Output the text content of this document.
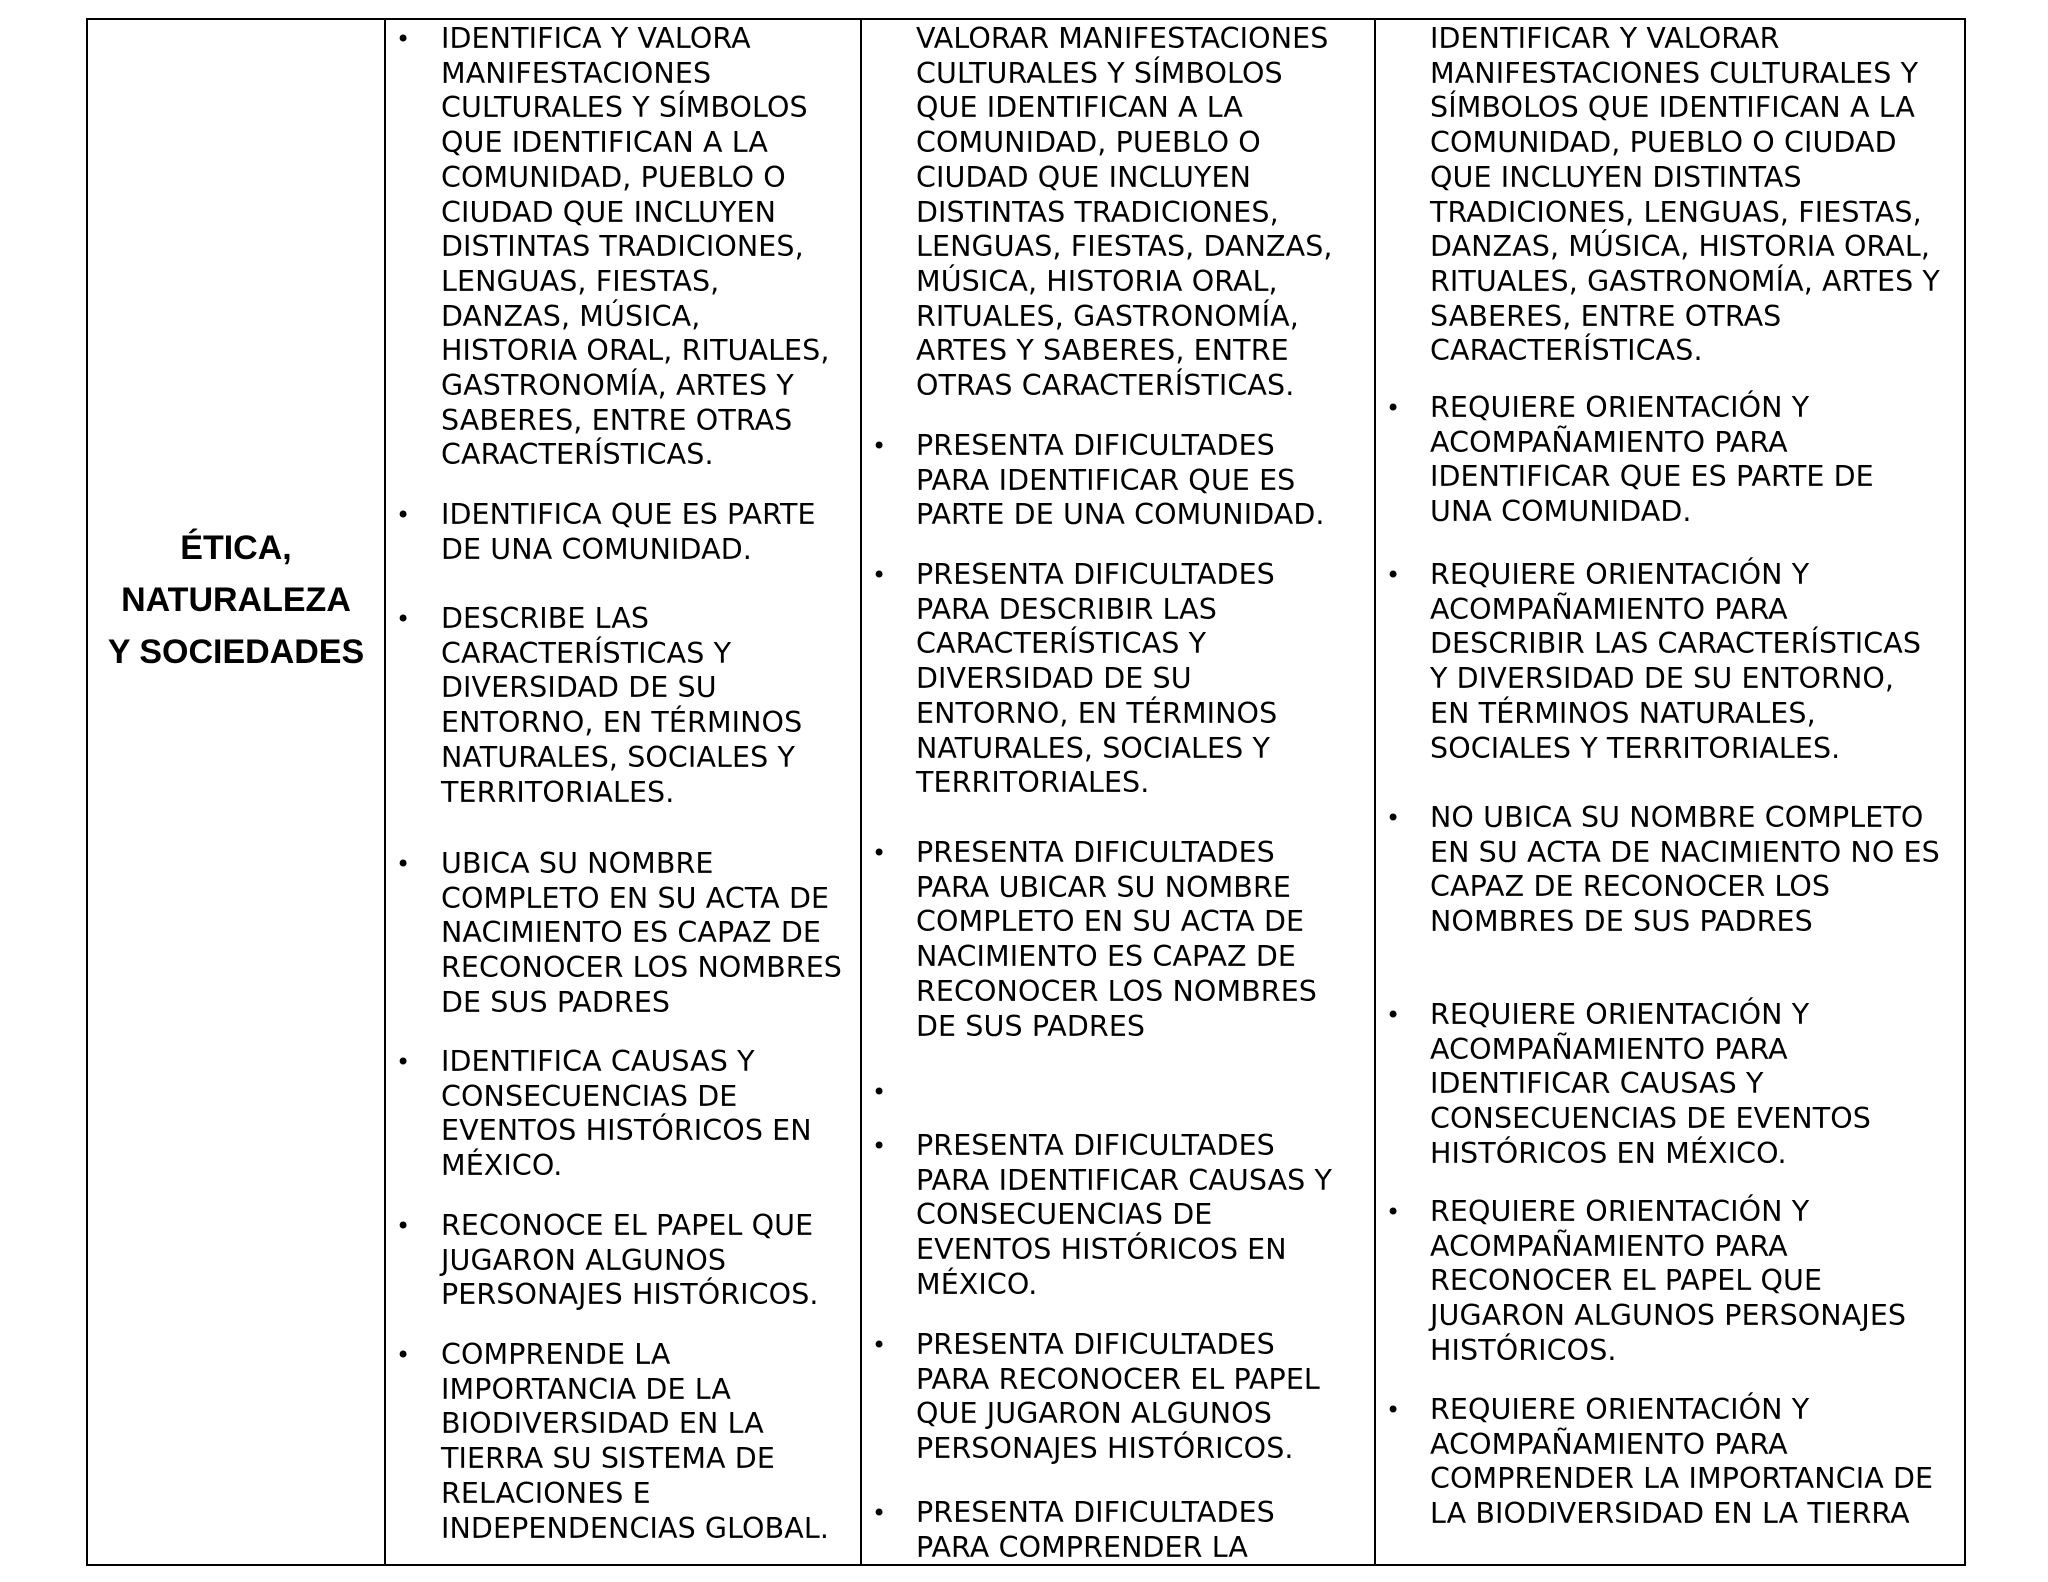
ÉTICA,
NATURALEZA
Y SOCIEDADES
• IDENTIFICA Y VALORA
MANIFESTACIONES
CULTURALES Y SÍMBOLOS
QUE IDENTIFICAN A LA
COMUNIDAD, PUEBLO O
CIUDAD QUE INCLUYEN
DISTINTAS TRADICIONES,
LENGUAS, FIESTAS,
DANZAS, MÚSICA,
HISTORIA ORAL, RITUALES,
GASTRONOMÍA, ARTES Y
SABERES, ENTRE OTRAS
CARACTERÍSTICAS.
• IDENTIFICA QUE ES PARTE
DE UNA COMUNIDAD.
• DESCRIBE LAS
CARACTERÍSTICAS Y
DIVERSIDAD DE SU
ENTORNO, EN TÉRMINOS
NATURALES, SOCIALES Y
TERRITORIALES.
• UBICA SU NOMBRE
COMPLETO EN SU ACTA DE
NACIMIENTO ES CAPAZ DE
RECONOCER LOS NOMBRES
DE SUS PADRES
• IDENTIFICA CAUSAS Y
CONSECUENCIAS DE
EVENTOS HISTÓRICOS EN
MÉXICO.
• RECONOCE EL PAPEL QUE
JUGARON ALGUNOS
PERSONAJES HISTÓRICOS.
• COMPRENDE LA
IMPORTANCIA DE LA
BIODIVERSIDAD EN LA
TIERRA SU SISTEMA DE
RELACIONES E
INDEPENDENCIAS GLOBAL.
VALORAR MANIFESTACIONES
CULTURALES Y SÍMBOLOS
QUE IDENTIFICAN A LA
COMUNIDAD, PUEBLO O
CIUDAD QUE INCLUYEN
DISTINTAS TRADICIONES,
LENGUAS, FIESTAS, DANZAS,
MÚSICA, HISTORIA ORAL,
RITUALES, GASTRONOMÍA,
ARTES Y SABERES, ENTRE
OTRAS CARACTERÍSTICAS.
• PRESENTA DIFICULTADES
PARA IDENTIFICAR QUE ES
PARTE DE UNA COMUNIDAD.
• PRESENTA DIFICULTADES
PARA DESCRIBIR LAS
CARACTERÍSTICAS Y
DIVERSIDAD DE SU
ENTORNO, EN TÉRMINOS
NATURALES, SOCIALES Y
TERRITORIALES.
• PRESENTA DIFICULTADES
PARA UBICAR SU NOMBRE
COMPLETO EN SU ACTA DE
NACIMIENTO ES CAPAZ DE
RECONOCER LOS NOMBRES
DE SUS PADRES
•
• PRESENTA DIFICULTADES
PARA IDENTIFICAR CAUSAS Y
CONSECUENCIAS DE
EVENTOS HISTÓRICOS EN
MÉXICO.
• PRESENTA DIFICULTADES
PARA RECONOCER EL PAPEL
QUE JUGARON ALGUNOS
PERSONAJES HISTÓRICOS.
• PRESENTA DIFICULTADES
PARA COMPRENDER LA
IDENTIFICAR Y VALORAR
MANIFESTACIONES CULTURALES Y
SÍMBOLOS QUE IDENTIFICAN A LA
COMUNIDAD, PUEBLO O CIUDAD
QUE INCLUYEN DISTINTAS
TRADICIONES, LENGUAS, FIESTAS,
DANZAS, MÚSICA, HISTORIA ORAL,
RITUALES, GASTRONOMÍA, ARTES Y
SABERES, ENTRE OTRAS
CARACTERÍSTICAS.
• REQUIERE ORIENTACIÓN Y
ACOMPAÑAMIENTO PARA
IDENTIFICAR QUE ES PARTE DE
UNA COMUNIDAD.
• REQUIERE ORIENTACIÓN Y
ACOMPAÑAMIENTO PARA
DESCRIBIR LAS CARACTERÍSTICAS
Y DIVERSIDAD DE SU ENTORNO,
EN TÉRMINOS NATURALES,
SOCIALES Y TERRITORIALES.
• NO UBICA SU NOMBRE COMPLETO
EN SU ACTA DE NACIMIENTO NO ES
CAPAZ DE RECONOCER LOS
NOMBRES DE SUS PADRES
• REQUIERE ORIENTACIÓN Y
ACOMPAÑAMIENTO PARA
IDENTIFICAR CAUSAS Y
CONSECUENCIAS DE EVENTOS
HISTÓRICOS EN MÉXICO.
• REQUIERE ORIENTACIÓN Y
ACOMPAÑAMIENTO PARA
RECONOCER EL PAPEL QUE
JUGARON ALGUNOS PERSONAJES
HISTÓRICOS.
• REQUIERE ORIENTACIÓN Y
ACOMPAÑAMIENTO PARA
COMPRENDER LA IMPORTANCIA DE
LA BIODIVERSIDAD EN LA TIERRA
